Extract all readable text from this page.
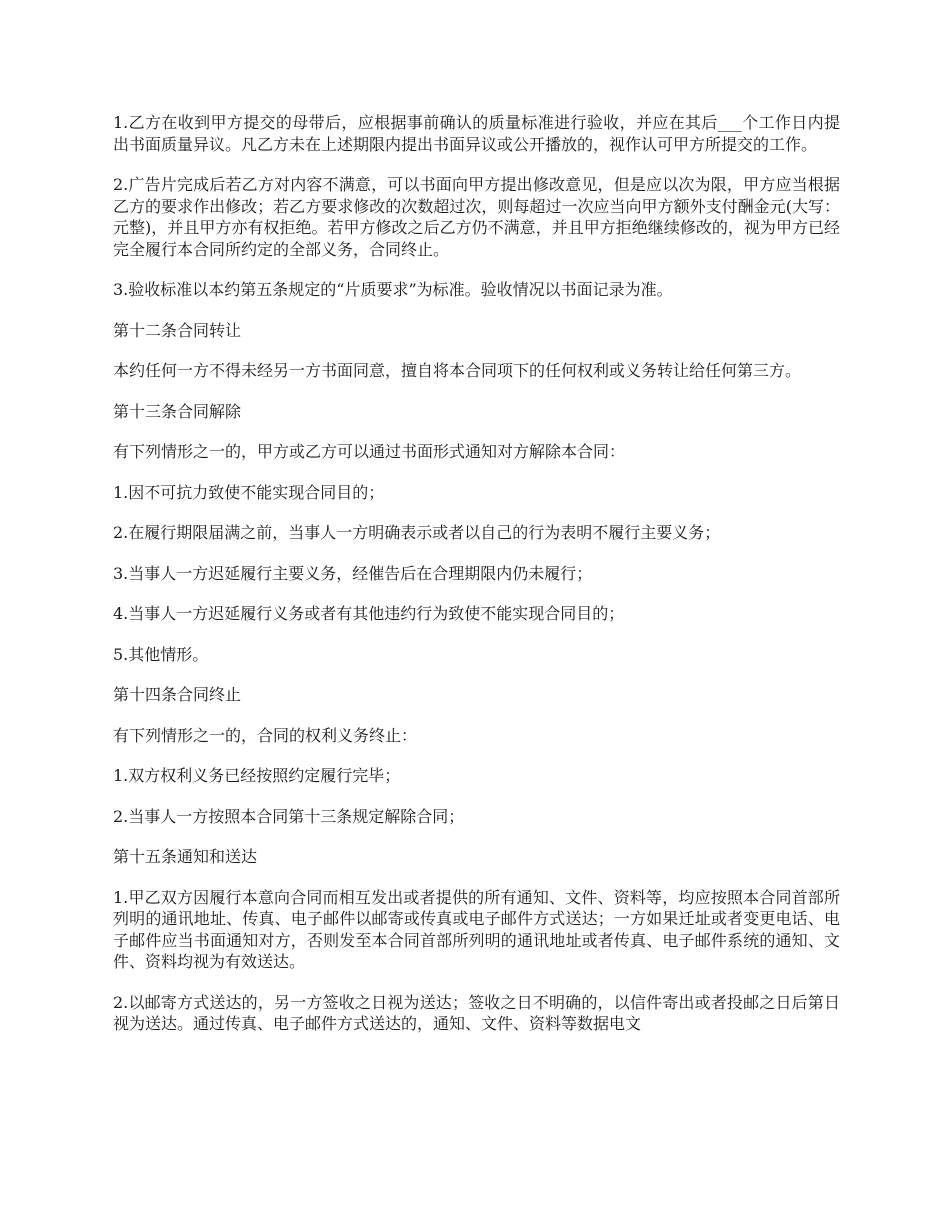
1.乙方在收到甲方提交的母带后，应根据事前确认的质量标准进行验收，并应在其后___个工作日内提出书面质量异议。凡乙方未在上述期限内提出书面异议或公开播放的，视作认可甲方所提交的工作。

2.广告片完成后若乙方对内容不满意，可以书面向甲方提出修改意见，但是应以次为限，甲方应当根据乙方的要求作出修改；若乙方要求修改的次数超过次，则每超过一次应当向甲方额外支付酬金元(大写：元整)，并且甲方亦有权拒绝。若甲方修改之后乙方仍不满意，并且甲方拒绝继续修改的，视为甲方已经完全履行本合同所约定的全部义务，合同终止。

3.验收标准以本约第五条规定的“片质要求”为标准。验收情况以书面记录为准。

第十二条合同转让

本约任何一方不得未经另一方书面同意，擅自将本合同项下的任何权利或义务转让给任何第三方。

第十三条合同解除

有下列情形之一的，甲方或乙方可以通过书面形式通知对方解除本合同：

1.因不可抗力致使不能实现合同目的；

2.在履行期限届满之前，当事人一方明确表示或者以自己的行为表明不履行主要义务；

3.当事人一方迟延履行主要义务，经催告后在合理期限内仍未履行；

4.当事人一方迟延履行义务或者有其他违约行为致使不能实现合同目的；

5.其他情形。

第十四条合同终止

有下列情形之一的，合同的权利义务终止：

1.双方权利义务已经按照约定履行完毕；

2.当事人一方按照本合同第十三条规定解除合同；

第十五条通知和送达

1.甲乙双方因履行本意向合同而相互发出或者提供的所有通知、文件、资料等，均应按照本合同首部所列明的通讯地址、传真、电子邮件以邮寄或传真或电子邮件方式送达；一方如果迁址或者变更电话、电子邮件应当书面通知对方，否则发至本合同首部所列明的通讯地址或者传真、电子邮件系统的通知、文件、资料均视为有效送达。

2.以邮寄方式送达的，另一方签收之日视为送达；签收之日不明确的，以信件寄出或者投邮之日后第日视为送达。通过传真、电子邮件方式送达的，通知、文件、资料等数据电文
